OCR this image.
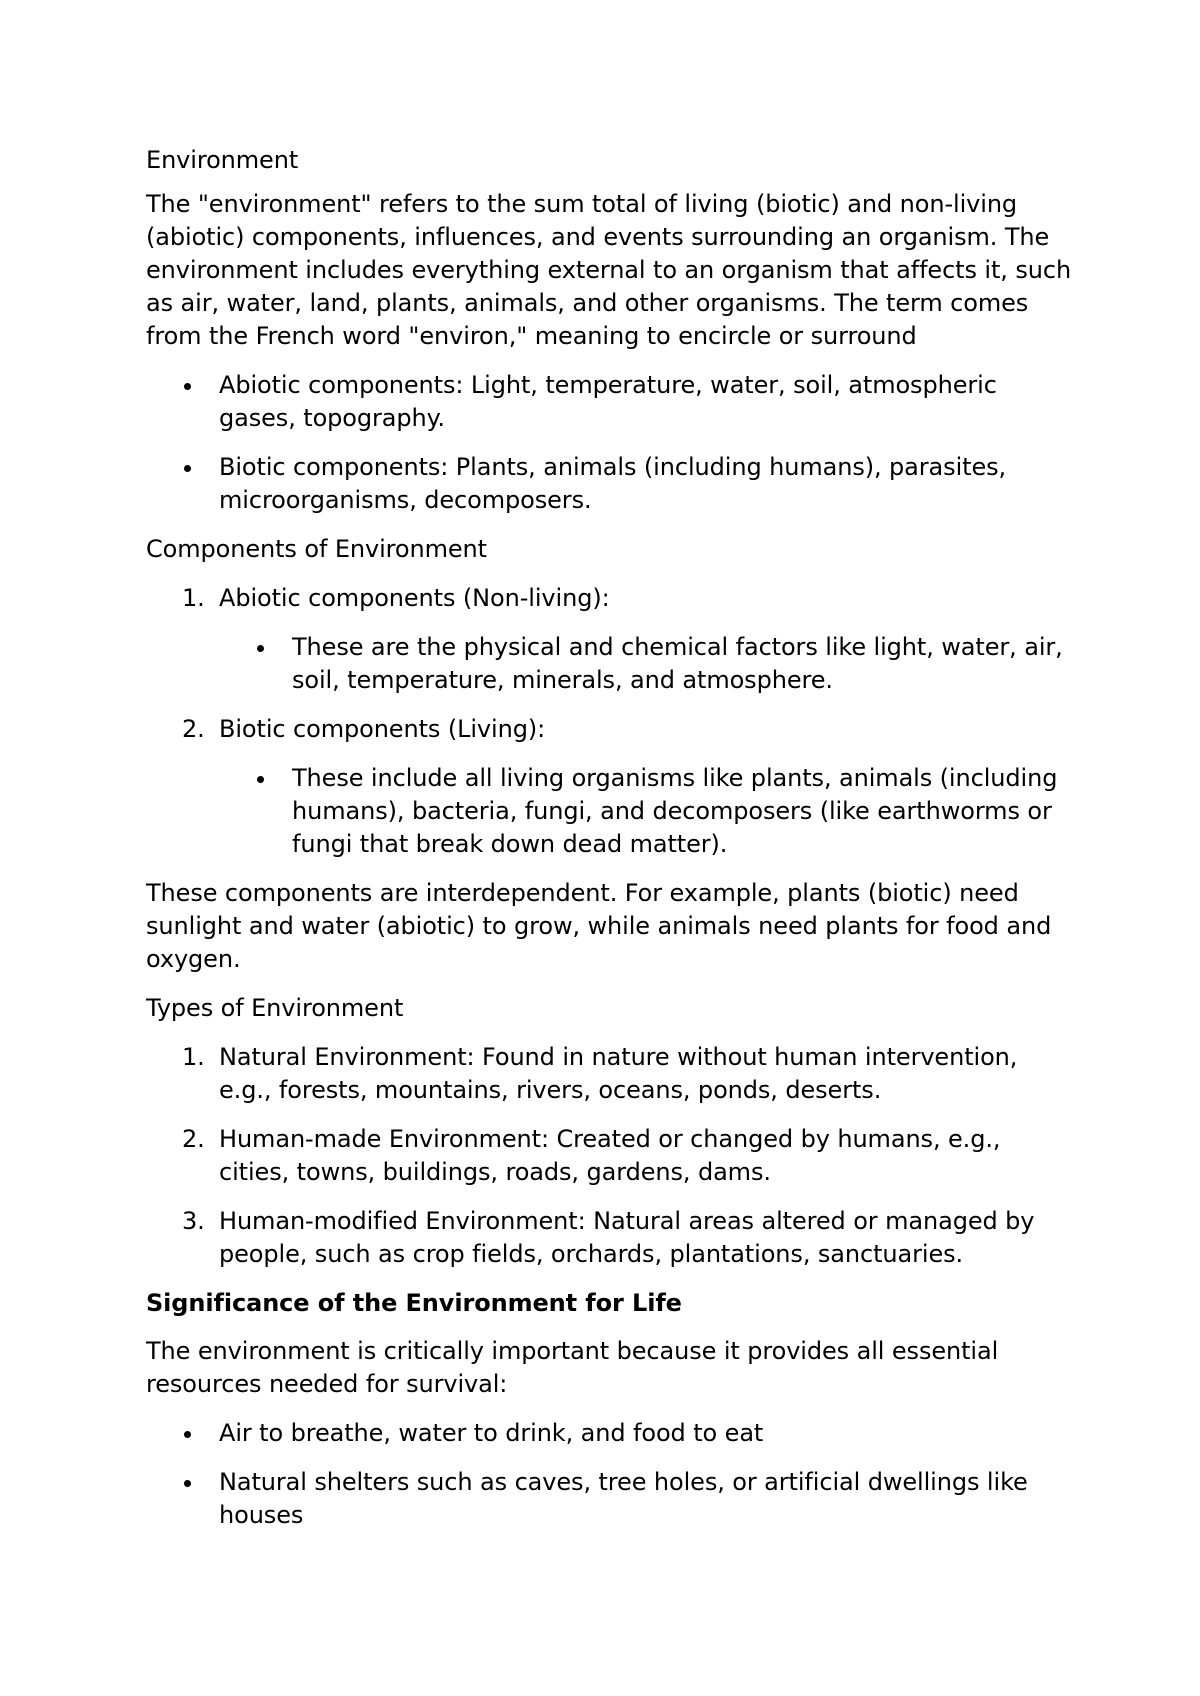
Environment

The "environment" refers to the sum total of living (biotic) and non-living (abiotic) components, influences, and events surrounding an organism. The environment includes everything external to an organism that affects it, such as air, water, land, plants, animals, and other organisms. The term comes from the French word "environ," meaning to encircle or surround

Abiotic components: Light, temperature, water, soil, atmospheric gases, topography.
Biotic components: Plants, animals (including humans), parasites, microorganisms, decomposers.

Components of Environment

1. Abiotic components (Non-living):
These are the physical and chemical factors like light, water, air, soil, temperature, minerals, and atmosphere.
2. Biotic components (Living):
These include all living organisms like plants, animals (including humans), bacteria, fungi, and decomposers (like earthworms or fungi that break down dead matter).

These components are interdependent. For example, plants (biotic) need sunlight and water (abiotic) to grow, while animals need plants for food and oxygen.

Types of Environment

1. Natural Environment: Found in nature without human intervention, e.g., forests, mountains, rivers, oceans, ponds, deserts.
2. Human-made Environment: Created or changed by humans, e.g., cities, towns, buildings, roads, gardens, dams.
3. Human-modified Environment: Natural areas altered or managed by people, such as crop fields, orchards, plantations, sanctuaries.
Significance of the Environment for Life

The environment is critically important because it provides all essential resources needed for survival:

Air to breathe, water to drink, and food to eat
Natural shelters such as caves, tree holes, or artificial dwellings like houses
